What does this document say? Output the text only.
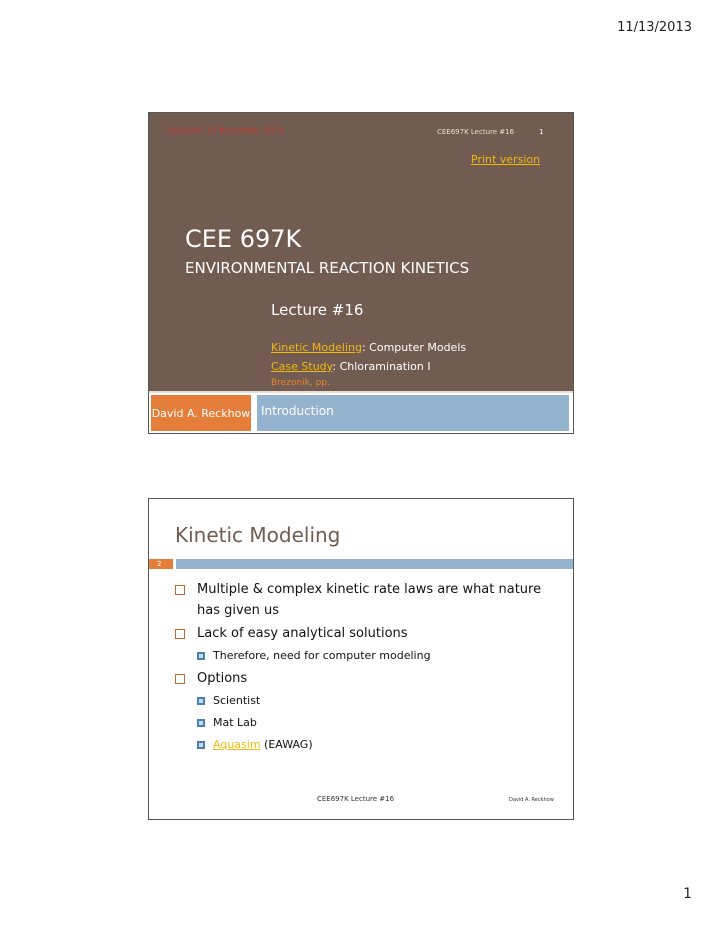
11/13/2013
Updated: 13 November 2013	CEE697K Lecture #16	1
Print version
CEE 697K
ENVIRONMENTAL REACTION KINETICS
Lecture #16
Kinetic Modeling: Computer Models
Case Study: Chloramination I
Brezonik, pp.
David A. Reckhow Introduction
Kinetic Modeling
2
Multiple & complex kinetic rate laws are what nature has given us
Lack of easy analytical solutions
Therefore, need for computer modeling
Options
Scientist
Mat Lab
Aquasim (EAWAG)
CEE697K Lecture #16	David A. Reckhow
1
